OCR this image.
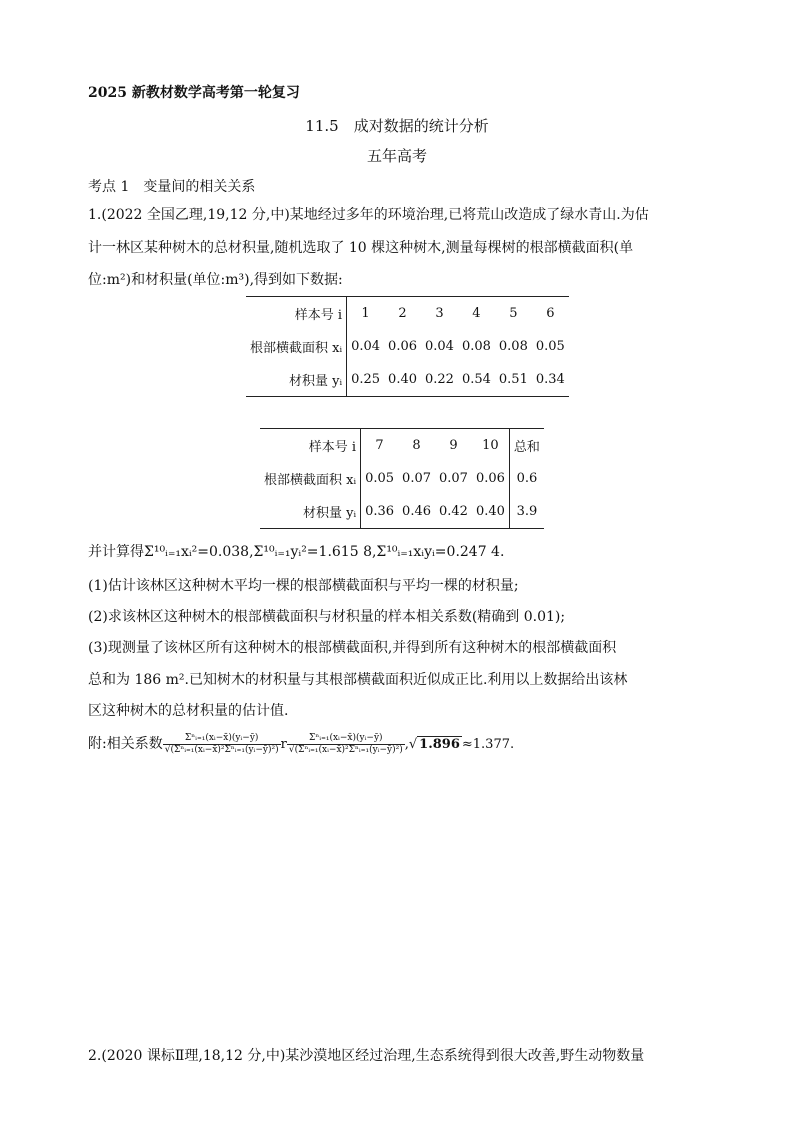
2025 新教材数学高考第一轮复习
11.5　成对数据的统计分析
五年高考
考点 1　变量间的相关关系
1.(2022 全国乙理,19,12 分,中)某地经过多年的环境治理,已将荒山改造成了绿水青山.为估
计一林区某种树木的总材积量,随机选取了 10 棵这种树木,测量每棵树的根部横截面积(单
位:m²)和材积量(单位:m³),得到如下数据:
样本号 i	1	2	3	4	5	6
根部横截面积 xᵢ	0.04	0.06	0.04	0.08	0.08	0.05
材积量 yᵢ	0.25	0.40	0.22	0.54	0.51	0.34
样本号 i	7	8	9	10	总和
根部横截面积 xᵢ	0.05	0.07	0.07	0.06	0.6
材积量 yᵢ	0.36	0.46	0.42	0.40	3.9
并计算得Σ¹⁰ᵢ₌₁xᵢ²=0.038,Σ¹⁰ᵢ₌₁yᵢ²=1.615 8,Σ¹⁰ᵢ₌₁xᵢyᵢ=0.247 4.
(1)估计该林区这种树木平均一棵的根部横截面积与平均一棵的材积量;
(2)求该林区这种树木的根部横截面积与材积量的样本相关系数(精确到 0.01);
(3)现测量了该林区所有这种树木的根部横截面积,并得到所有这种树木的根部横截面积
总和为 186 m².已知树木的材积量与其根部横截面积近似成正比.利用以上数据给出该林
区这种树木的总材积量的估计值.
附:相关系数 $\frac{\text{Σⁿᵢ₌₁(xᵢ−x̄)(yᵢ−ȳ)}}{\text{√(Σⁿᵢ₌₁(xᵢ−x̄)²Σⁿᵢ₌₁(yᵢ−ȳ)²)}}$ r $\frac{\text{Σⁿᵢ₌₁(xᵢ−x̄)(yᵢ−ȳ)}}{\text{√(Σⁿᵢ₌₁(xᵢ−x̄)²Σⁿᵢ₌₁(yᵢ−ȳ)²)}}$ ,√ 1.896 ≈1.377.
2.(2020 课标Ⅱ理,18,12 分,中)某沙漠地区经过治理,生态系统得到很大改善,野生动物数量
